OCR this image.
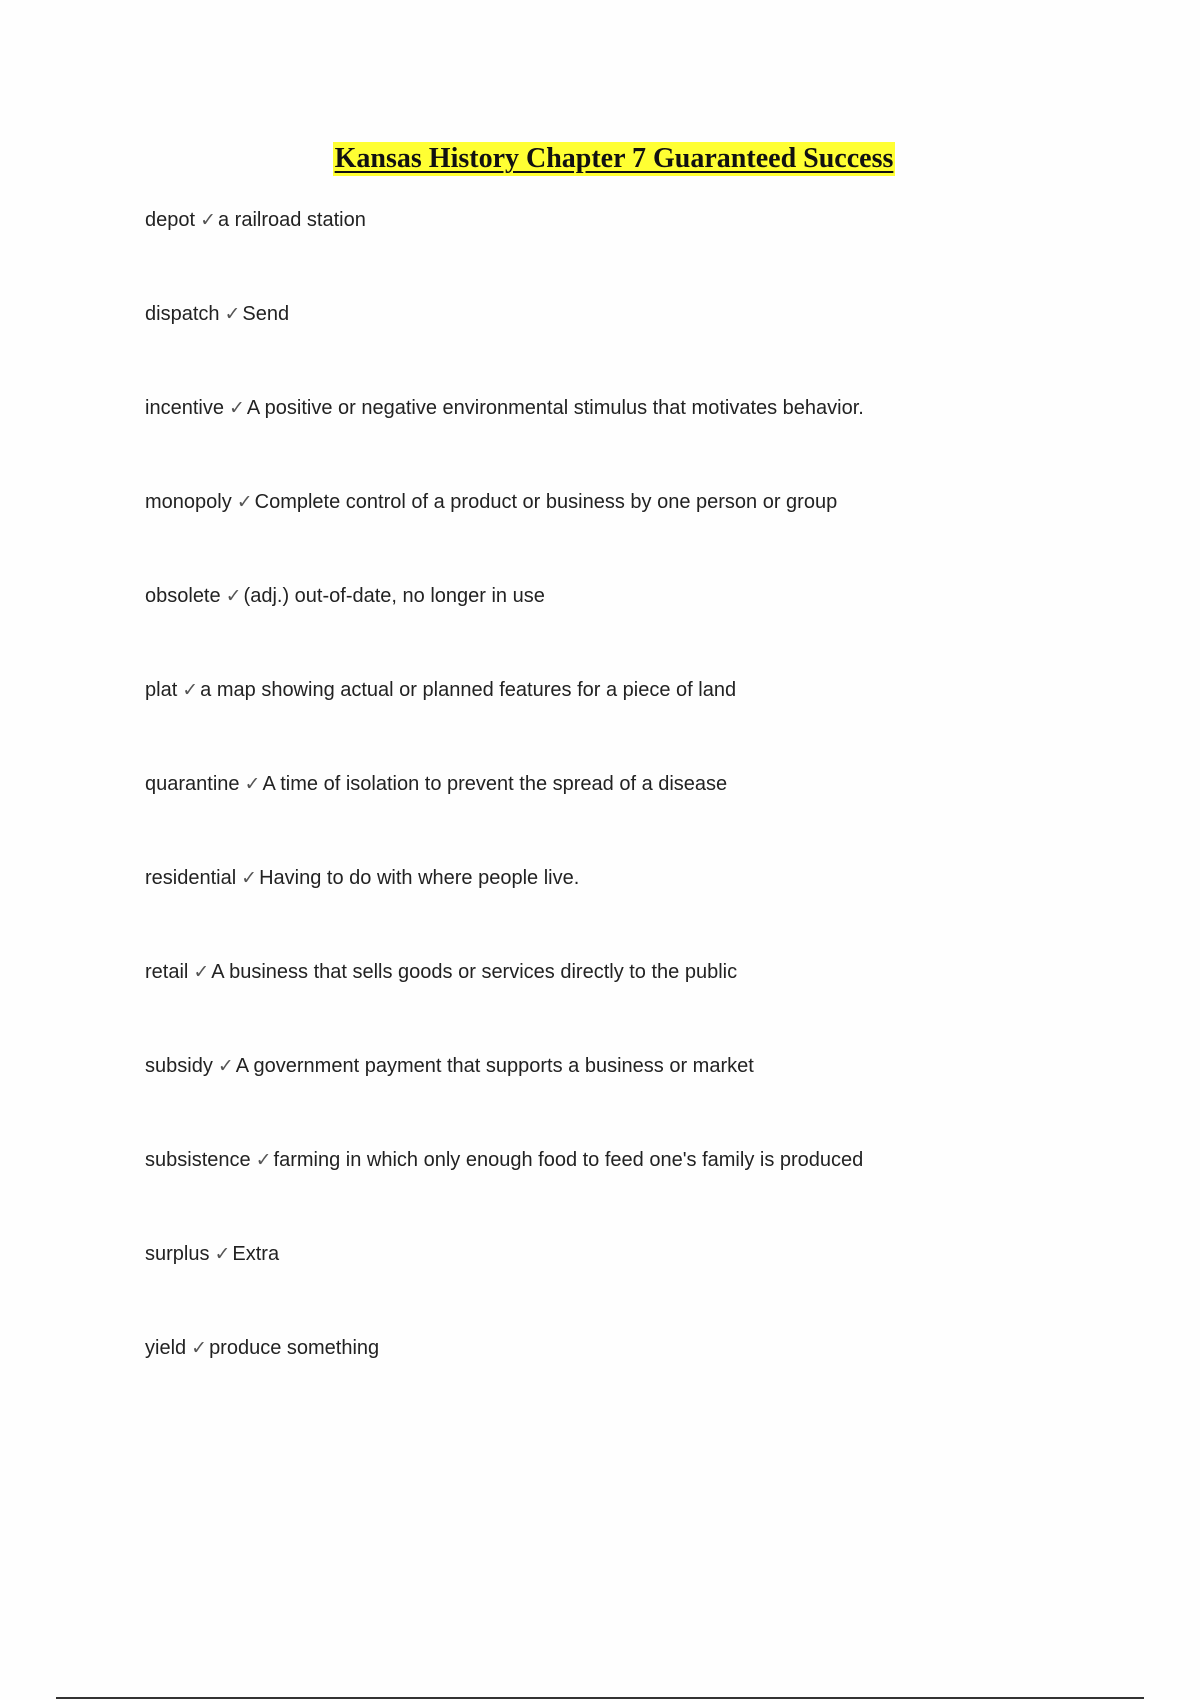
Kansas History Chapter 7 Guaranteed Success
depot ✓ a railroad station
dispatch ✓ Send
incentive ✓ A positive or negative environmental stimulus that motivates behavior.
monopoly ✓ Complete control of a product or business by one person or group
obsolete ✓ (adj.) out-of-date, no longer in use
plat ✓ a map showing actual or planned features for a piece of land
quarantine ✓ A time of isolation to prevent the spread of a disease
residential ✓ Having to do with where people live.
retail ✓ A business that sells goods or services directly to the public
subsidy ✓ A government payment that supports a business or market
subsistence ✓ farming in which only enough food to feed one's family is produced
surplus ✓ Extra
yield ✓ produce something
